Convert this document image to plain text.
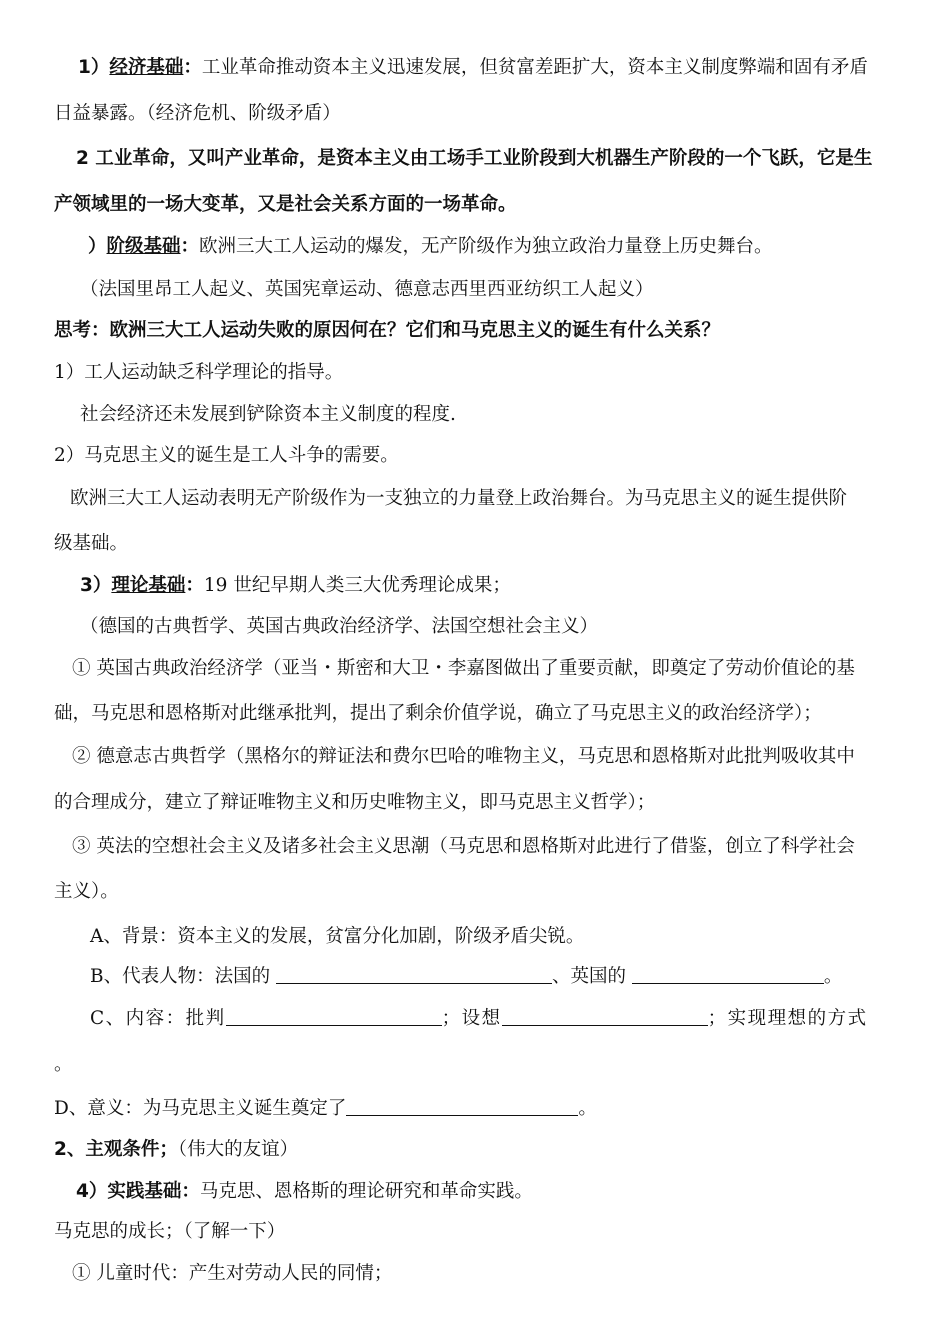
1）经济基础：工业革命推动资本主义迅速发展，但贫富差距扩大，资本主义制度弊端和固有矛盾
日益暴露。（经济危机、阶级矛盾）
2 工业革命，又叫产业革命，是资本主义由工场手工业阶段到大机器生产阶段的一个飞跃，它是生
产领域里的一场大变革，又是社会关系方面的一场革命。
）阶级基础：欧洲三大工人运动的爆发，无产阶级作为独立政治力量登上历史舞台。
（法国里昂工人起义、英国宪章运动、德意志西里西亚纺织工人起义）
思考：欧洲三大工人运动失败的原因何在？它们和马克思主义的诞生有什么关系？
1）工人运动缺乏科学理论的指导。
社会经济还未发展到铲除资本主义制度的程度.
2）马克思主义的诞生是工人斗争的需要。
欧洲三大工人运动表明无产阶级作为一支独立的力量登上政治舞台。为马克思主义的诞生提供阶
级基础。
3）理论基础：19 世纪早期人类三大优秀理论成果；
（德国的古典哲学、英国古典政治经济学、法国空想社会主义）
① 英国古典政治经济学（亚当・斯密和大卫・李嘉图做出了重要贡献，即奠定了劳动价值论的基
础，马克思和恩格斯对此继承批判，提出了剩余价值学说，确立了马克思主义的政治经济学）；
② 德意志古典哲学（黑格尔的辩证法和费尔巴哈的唯物主义，马克思和恩格斯对此批判吸收其中
的合理成分，建立了辩证唯物主义和历史唯物主义，即马克思主义哲学）；
③ 英法的空想社会主义及诸多社会主义思潮（马克思和恩格斯对此进行了借鉴，创立了科学社会
主义）。
A、背景：资本主义的发展，贫富分化加剧，阶级矛盾尖锐。
B、代表人物：法国的	、英国的	。
C、内容：批判	；设想	；实现理想的方式
。
D、意义：为马克思主义诞生奠定了	。
2、主观条件；（伟大的友谊）
4）实践基础：马克思、恩格斯的理论研究和革命实践。
马克思的成长；（了解一下）
① 儿童时代：产生对劳动人民的同情；
